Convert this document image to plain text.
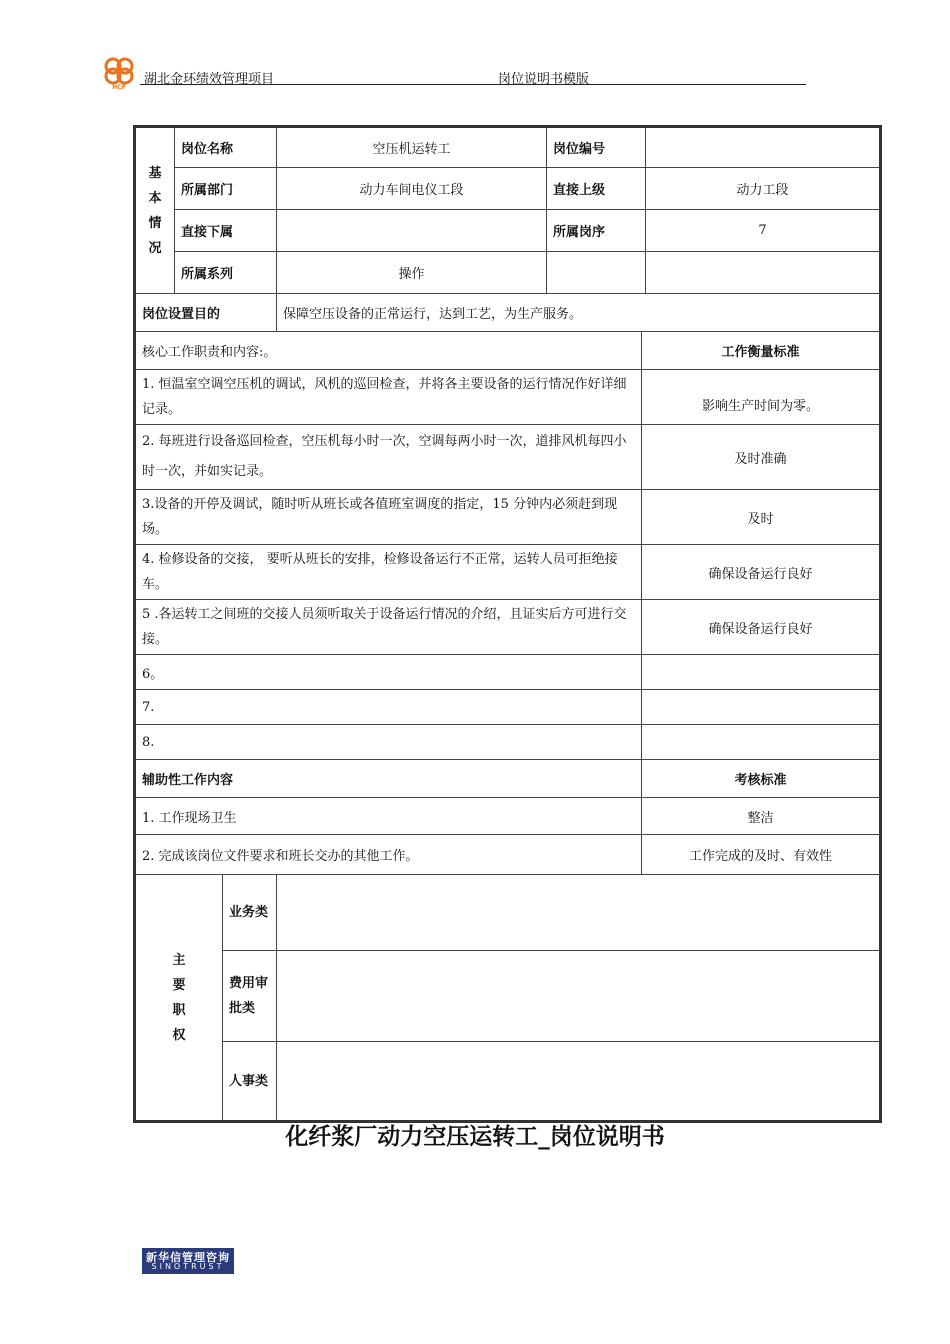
HCF
湖北金环绩效管理项目	岗位说明书模版
基本情况	岗位名称		空压机运转工	岗位编号		
	所属部门		动力车间电仪工段	直接上级		动力工段
	直接下属			所属岗序		7
	所属系列		操作			
岗位设置目的			保障空压设备的正常运行，达到工艺，为生产服务。			
核心工作职责和内容:。					工作衡量标准	
1. 恒温室空调空压机的调试，风机的巡回检查，并将各主要设备的运行情况作好详细记录。					影响生产时间为零。	
2. 每班进行设备巡回检查，空压机每小时一次，空调每两小时一次，道排风机每四小时一次，并如实记录。					及时准确	
3.设备的开停及调试，随时听从班长或各值班室调度的指定，15 分钟内必须赶到现场。					及时	
4. 检修设备的交接， 要听从班长的安排，检修设备运行不正常，运转人员可拒绝接车。					确保设备运行良好	
5 .各运转工之间班的交接人员须听取关于设备运行情况的介绍，且证实后方可进行交接。					确保设备运行良好	
6。						
7.						
8.						
辅助性工作内容					考核标准	
1. 工作现场卫生					整洁	
2. 完成该岗位文件要求和班长交办的其他工作。					工作完成的及时、有效性	

主要职权		业务类				
		费用审批类				
		人事类				
化纤浆厂动力空压运转工_岗位说明书
新华信管理咨询
SINOTRUST
